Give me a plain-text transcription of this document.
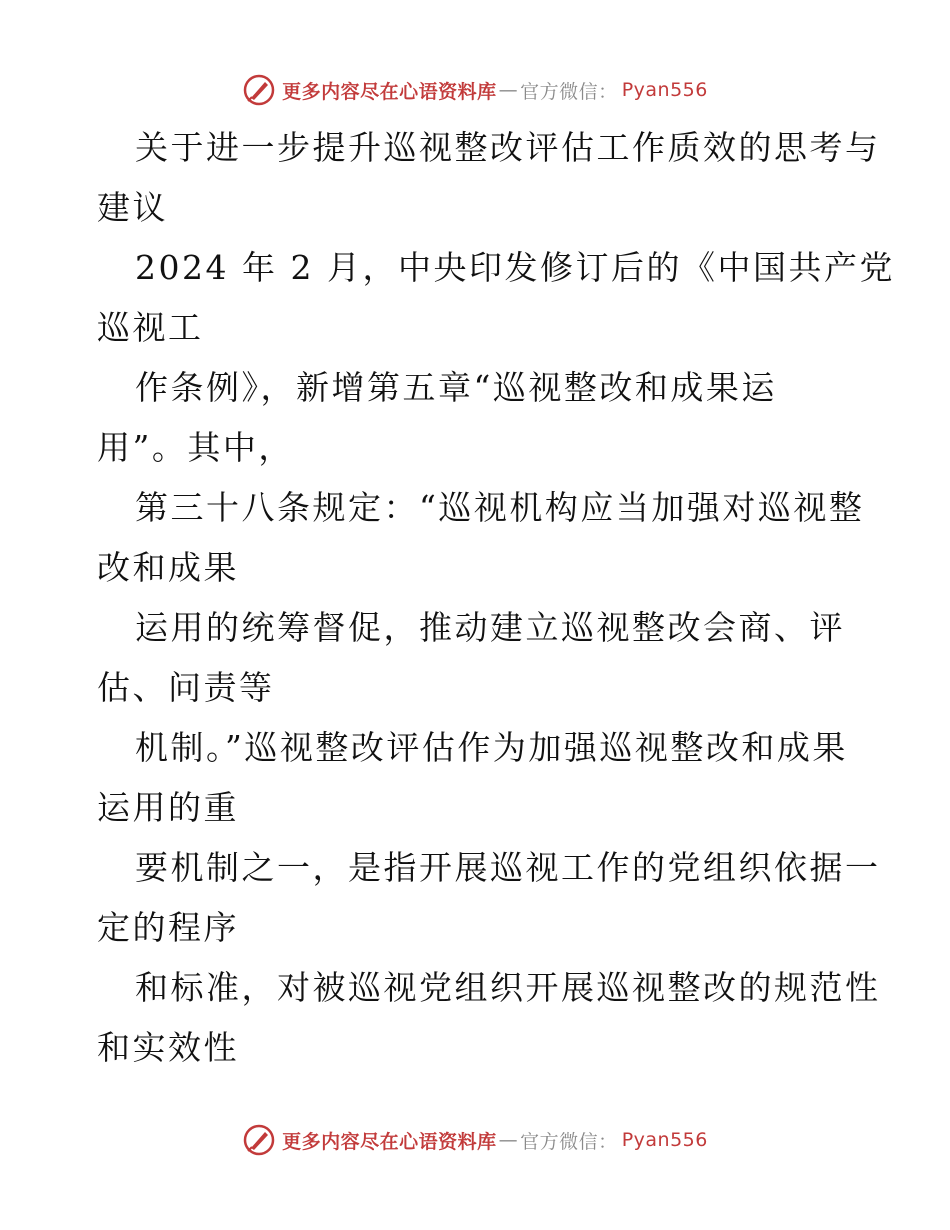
更多内容尽在心语资料库 — 官方微信： Pyan556
关于进一步提升巡视整改评估工作质效的思考与
建议
2024 年 2 月，中央印发修订后的《中国共产党
巡视工
作条例》，新增第五章“巡视整改和成果运
用”。其中，
第三十八条规定：“巡视机构应当加强对巡视整
改和成果
运用的统筹督促，推动建立巡视整改会商、评
估、问责等
机制。”巡视整改评估作为加强巡视整改和成果
运用的重
要机制之一，是指开展巡视工作的党组织依据一
定的程序
和标准，对被巡视党组织开展巡视整改的规范性
和实效性
更多内容尽在心语资料库 — 官方微信： Pyan556
